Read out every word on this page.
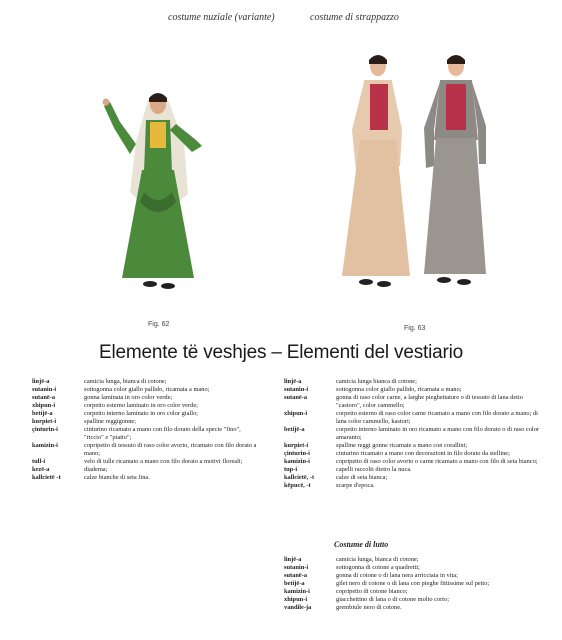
costume nuziale (variante)	costume di strappazzo
Fig. 62
Fig. 63
Elemente të veshjes – Elementi del vestiario
linjë-a	camicia lunga, bianca di cotone;
sutanin-i	sottogonna color giallo pallido, ricamata a mano;
sutanë-a	gonna laminata in oro color verde;
xhipun-i	corpetto esterno laminato in oro color verde;
betijë-a	corpetto interno laminato in oro color giallo;
kurpiet-i	spalline reggigonne;
çinturin-i	cinturino ricamato a mano con filo dorato della specie "fino", "riccio" e "piatto";
kamizin-i	copripetto di tessuto di raso color avorio, ricamato con filo dorato a mano;
tull-i	velo di tulle ricamato a mano con filo dorato a motivi floreali;
kezë-a	diadema;
kallcietë -t	calze bianche di seta fina.
linjë-a	camicia lunga bianca di cotone;
sutanin-i	sottogonna color giallo pallido, ricamata a mano;
sutanë-a	gonna di raso color carne, a larghe pieghettature o di tessuto di lana detto "castoro", color cammello;
xhipun-i	corpetto esterno di raso color carne ricamato a mano con filo dorato a mano; di lana color cammello, kastori;
betijë-a	corpetto interno laminato in oro ricamato a mano con filo dorato o di raso color amaranto;
kurpiet-i	spalline reggi gonne ricamate a mano con corallini;
çinturin-i	cinturino ricamato a mano con decorazioni in filo dorato da stelline;
kamizin-i	copripetto di raso color avorio o carne ricamato a mano con filo di seta bianco;
tup-i	capelli raccolti dietro la nuca.
kallcietë, -t	calze di seta bianca;
këpucë, -t	scarpe d'epoca.
Costume di lutto
linjë-a	camicia lunga, bianca di cotone;
sutanin-i	sottogonna di cotone a quadretti;
sutanë-a	gonna di cotone o di lana nera arricciata in vita;
betijë-a	gilet nero di cotone o di lana con pieghe fittissime sul petto;
kamizin-i	copripetto di cotone bianco;
xhipun-i	giacchettino di lana o di cotone molto corto;
vandile-ja	grembiule nero di cotone.
